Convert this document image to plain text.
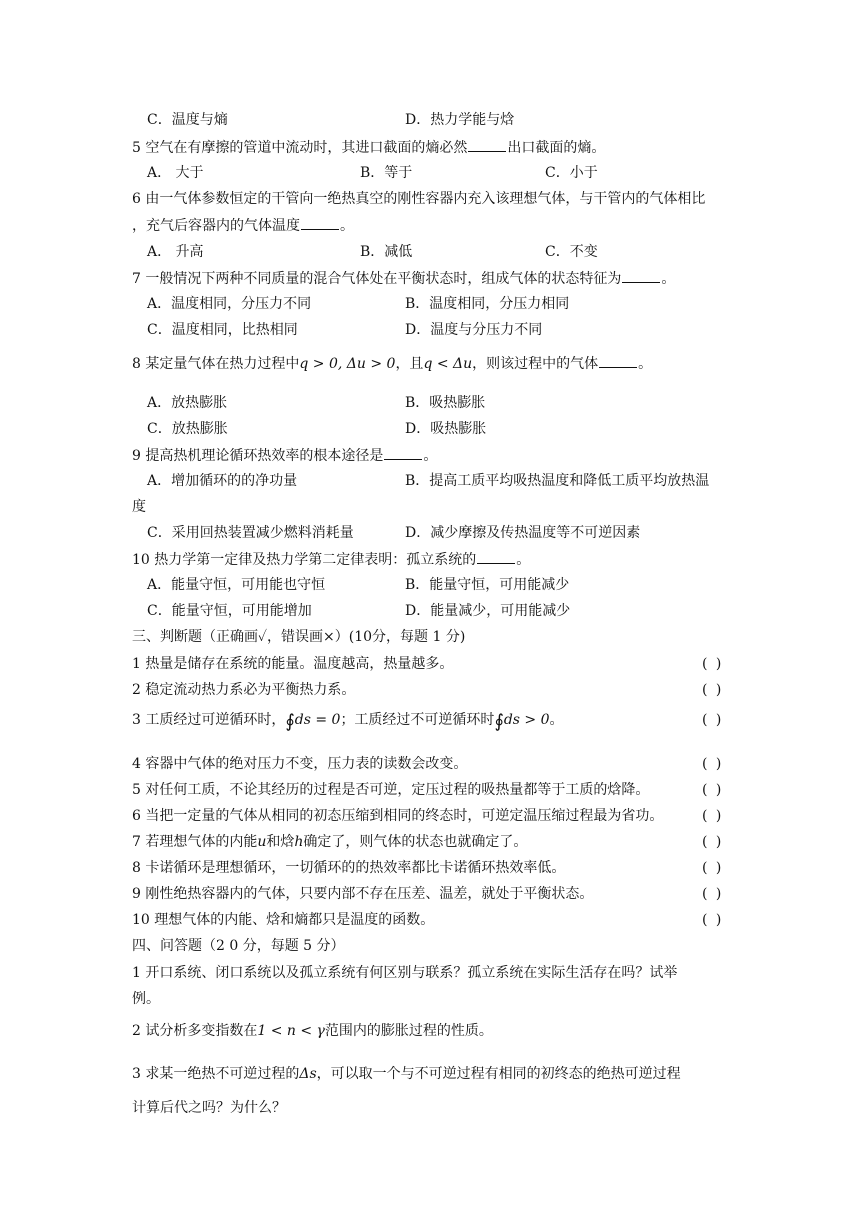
C．温度与熵	D．热力学能与焓
5 空气在有摩擦的管道中流动时，其进口截面的熵必然	出口截面的熵。
A． 大于	B．等于	C．小于
6 由一气体参数恒定的干管向一绝热真空的刚性容器内充入该理想气体，与干管内的气体相比
，充气后容器内的气体温度	。
A． 升高	B．减低	C．不变
7 一般情况下两种不同质量的混合气体处在平衡状态时，组成气体的状态特征为	。
A．温度相同，分压力不同	B．温度相同，分压力相同
C．温度相同，比热相同	D．温度与分压力不同
8 某定量气体在热力过程中q > 0, Δu > 0，且q < Δu，则该过程中的气体	。
A．放热膨胀	B．吸热膨胀
C．放热膨胀	D．吸热膨胀
9 提高热机理论循环热效率的根本途径是	。
A．增加循环的的净功量	B．提高工质平均吸热温度和降低工质平均放热温
度
C．采用回热装置减少燃料消耗量	D．减少摩擦及传热温度等不可逆因素
10 热力学第一定律及热力学第二定律表明：孤立系统的	。
A．能量守恒，可用能也守恒	B．能量守恒，可用能减少
C．能量守恒，可用能增加	D．能量减少，可用能减少
三、判断题（正确画✓，错误画×）(10分，每题 1 分)
1 热量是储存在系统的能量。温度越高，热量越多。	( )
2 稳定流动热力系必为平衡热力系。	( )
3 工质经过可逆循环时，∮ds = 0；工质经过不可逆循环时∮ds > 0。	( )
4 容器中气体的绝对压力不变，压力表的读数会改变。	( )
5 对任何工质，不论其经历的过程是否可逆，定压过程的吸热量都等于工质的焓降。	( )
6 当把一定量的气体从相同的初态压缩到相同的终态时，可逆定温压缩过程最为省功。	( )
7 若理想气体的内能u和焓h确定了，则气体的状态也就确定了。	( )
8 卡诺循环是理想循环，一切循环的的热效率都比卡诺循环热效率低。	( )
9 刚性绝热容器内的气体，只要内部不存在压差、温差，就处于平衡状态。	( )
10 理想气体的内能、焓和熵都只是温度的函数。	( )
四、问答题（2 0 分，每题 5 分）
1 开口系统、闭口系统以及孤立系统有何区别与联系？孤立系统在实际生活存在吗？试举
例。
2 试分析多变指数在1 < n < γ范围内的膨胀过程的性质。
3 求某一绝热不可逆过程的Δs，可以取一个与不可逆过程有相同的初终态的绝热可逆过程
计算后代之吗？为什么？
